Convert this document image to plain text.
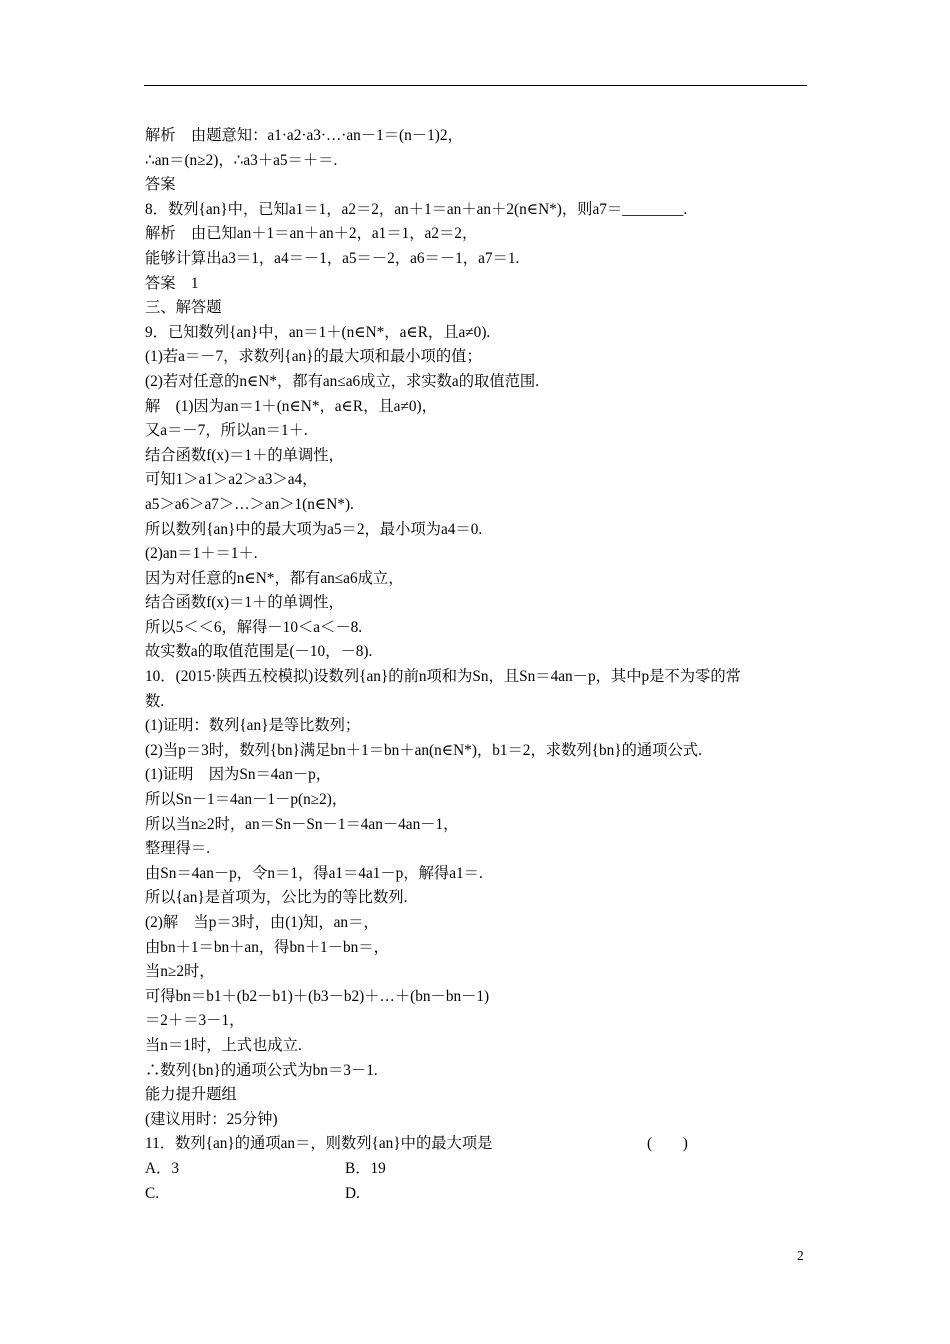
解析　由题意知：a1·a2·a3·…·an－1＝(n－1)2，
∴an＝(n≥2)，∴a3＋a5＝＋＝.
答案
8．数列{an}中，已知a1＝1，a2＝2，an＋1＝an＋an＋2(n∈N*)，则a7＝________.
解析　由已知an＋1＝an＋an＋2，a1＝1，a2＝2，
能够计算出a3＝1，a4＝－1，a5＝－2，a6＝－1，a7＝1.
答案　1
三、解答题
9．已知数列{an}中，an＝1＋(n∈N*，a∈R，且a≠0).
(1)若a＝－7，求数列{an}的最大项和最小项的值；
(2)若对任意的n∈N*，都有an≤a6成立，求实数a的取值范围.
解　(1)因为an＝1＋(n∈N*，a∈R，且a≠0)，
又a＝－7，所以an＝1＋.
结合函数f(x)＝1＋的单调性，
可知1＞a1＞a2＞a3＞a4，
a5＞a6＞a7＞…＞an＞1(n∈N*).
所以数列{an}中的最大项为a5＝2，最小项为a4＝0.
(2)an＝1＋＝1＋.
因为对任意的n∈N*，都有an≤a6成立，
结合函数f(x)＝1＋的单调性，
所以5＜＜6，解得－10＜a＜－8.
故实数a的取值范围是(－10，－8).
10．(2015·陕西五校模拟)设数列{an}的前n项和为Sn，且Sn＝4an－p，其中p是不为零的常
数.
(1)证明：数列{an}是等比数列；
(2)当p＝3时，数列{bn}满足bn＋1＝bn＋an(n∈N*)，b1＝2，求数列{bn}的通项公式.
(1)证明　因为Sn＝4an－p，
所以Sn－1＝4an－1－p(n≥2)，
所以当n≥2时，an＝Sn－Sn－1＝4an－4an－1，
整理得＝.
由Sn＝4an－p，令n＝1，得a1＝4a1－p，解得a1＝.
所以{an}是首项为，公比为的等比数列.
(2)解　当p＝3时，由(1)知，an＝，
由bn＋1＝bn＋an，得bn＋1－bn＝，
当n≥2时，
可得bn＝b1＋(b2－b1)＋(b3－b2)＋…＋(bn－bn－1)
＝2＋＝3－1，
当n＝1时，上式也成立.
∴数列{bn}的通项公式为bn＝3－1.
能力提升题组
(建议用时：25分钟)
11．数列{an}的通项an＝，则数列{an}中的最大项是	(　　)
A．3	B．19
C.	D.
2
